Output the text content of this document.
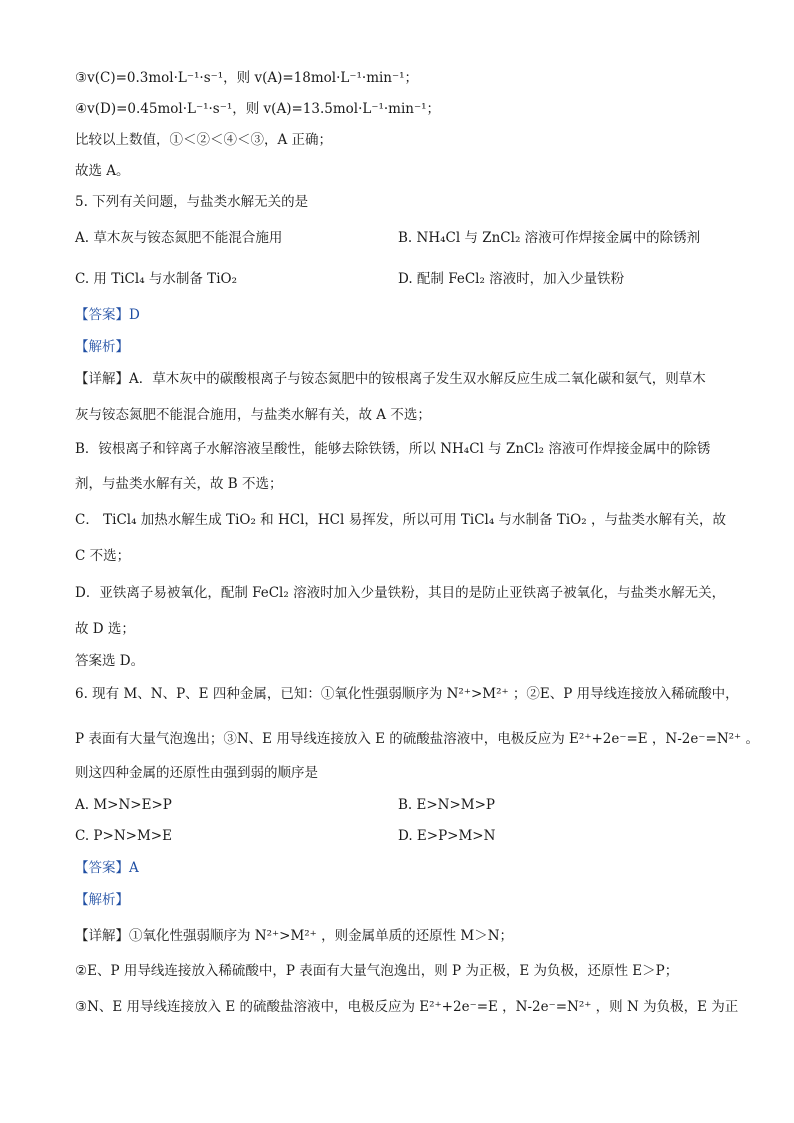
③v(C)=0.3mol·L⁻¹·s⁻¹，则 v(A)=18mol·L⁻¹·min⁻¹；
④v(D)=0.45mol·L⁻¹·s⁻¹，则 v(A)=13.5mol·L⁻¹·min⁻¹；
比较以上数值，①＜②＜④＜③，A 正确；
故选 A。
5. 下列有关问题，与盐类水解无关的是
A. 草木灰与铵态氮肥不能混合施用	B. NH₄Cl 与 ZnCl₂ 溶液可作焊接金属中的除锈剂
C. 用 TiCl₄ 与水制备 TiO₂	D. 配制 FeCl₂ 溶液时，加入少量铁粉
【答案】D
【解析】
【详解】A．草木灰中的碳酸根离子与铵态氮肥中的铵根离子发生双水解反应生成二氧化碳和氨气，则草木
灰与铵态氮肥不能混合施用，与盐类水解有关，故 A 不选；
B．铵根离子和锌离子水解溶液呈酸性，能够去除铁锈，所以 NH₄Cl 与 ZnCl₂ 溶液可作焊接金属中的除锈
剂，与盐类水解有关，故 B 不选；
C． TiCl₄ 加热水解生成 TiO₂ 和 HCl，HCl 易挥发，所以可用 TiCl₄ 与水制备 TiO₂ ，与盐类水解有关，故
C 不选；
D．亚铁离子易被氧化，配制 FeCl₂ 溶液时加入少量铁粉，其目的是防止亚铁离子被氧化，与盐类水解无关，
故 D 选；
答案选 D。
6. 现有 M、N、P、E 四种金属，已知：①氧化性强弱顺序为 N²⁺>M²⁺ ；②E、P 用导线连接放入稀硫酸中，
P 表面有大量气泡逸出；③N、E 用导线连接放入 E 的硫酸盐溶液中，电极反应为 E²⁺+2e⁻=E ，N-2e⁻=N²⁺ 。
则这四种金属的还原性由强到弱的顺序是
A. M>N>E>P	B. E>N>M>P
C. P>N>M>E	D. E>P>M>N
【答案】A
【解析】
【详解】①氧化性强弱顺序为 N²⁺>M²⁺ ，则金属单质的还原性 M＞N；
②E、P 用导线连接放入稀硫酸中，P 表面有大量气泡逸出，则 P 为正极，E 为负极，还原性 E＞P；
③N、E 用导线连接放入 E 的硫酸盐溶液中，电极反应为 E²⁺+2e⁻=E ，N-2e⁻=N²⁺ ，则 N 为负极，E 为正
